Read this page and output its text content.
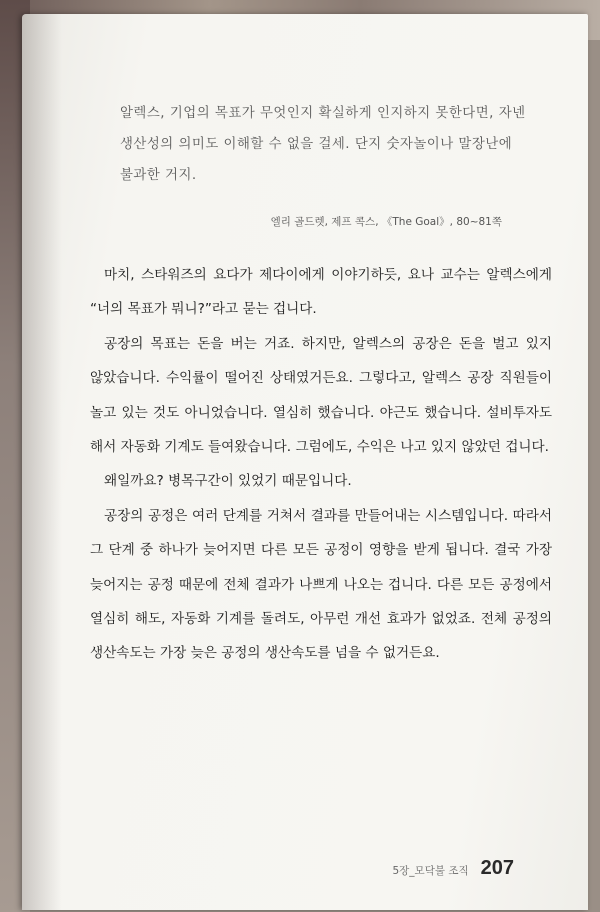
알렉스, 기업의 목표가 무엇인지 확실하게 인지하지 못한다면, 자넨 생산성의 의미도 이해할 수 없을 걸세. 단지 숫자놀이나 말장난에 불과한 거지.
엘리 골드렛, 제프 콕스, 《The Goal》, 80~81쪽

마치, 스타워즈의 요다가 제다이에게 이야기하듯, 요나 교수는 알렉스에게 “너의 목표가 뭐니?”라고 묻는 겁니다.

공장의 목표는 돈을 버는 거죠. 하지만, 알렉스의 공장은 돈을 벌고 있지 않았습니다. 수익률이 떨어진 상태였거든요. 그렇다고, 알렉스 공장 직원들이 놀고 있는 것도 아니었습니다. 열심히 했습니다. 야근도 했습니다. 설비투자도 해서 자동화 기계도 들여왔습니다. 그럼에도, 수익은 나고 있지 않았던 겁니다.

왜일까요? 병목구간이 있었기 때문입니다.

공장의 공정은 여러 단계를 거쳐서 결과를 만들어내는 시스템입니다. 따라서 그 단계 중 하나가 늦어지면 다른 모든 공정이 영향을 받게 됩니다. 결국 가장 늦어지는 공정 때문에 전체 결과가 나쁘게 나오는 겁니다. 다른 모든 공정에서 열심히 해도, 자동화 기계를 돌려도, 아무런 개선 효과가 없었죠. 전체 공정의 생산속도는 가장 늦은 공정의 생산속도를 넘을 수 없거든요.

5장_모닥불 조직 207
